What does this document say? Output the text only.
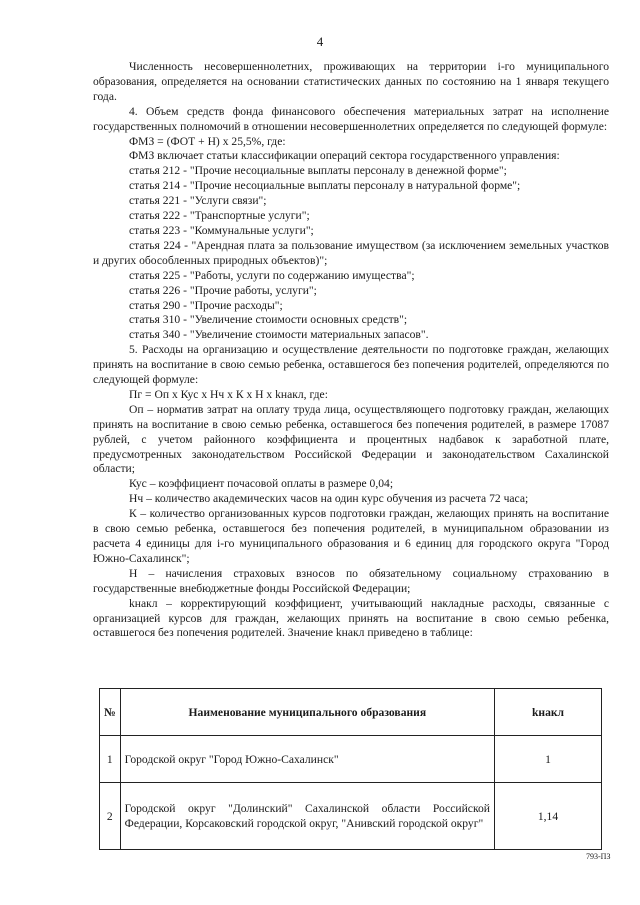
4

Численность несовершеннолетних, проживающих на территории i-го муниципального образования, определяется на основании статистических данных по состоянию на 1 января текущего года.

4. Объем средств фонда финансового обеспечения материальных затрат на исполнение государственных полномочий в отношении несовершеннолетних определяется по следующей формуле:

ФМЗ = (ФОТ + Н) х 25,5%, где:

ФМЗ включает статьи классификации операций сектора государственного управления:

статья 212 - "Прочие несоциальные выплаты персоналу в денежной форме";

статья 214 - "Прочие несоциальные выплаты персоналу в натуральной форме";

статья 221 - "Услуги связи";

статья 222 - "Транспортные услуги";

статья 223 - "Коммунальные услуги";

статья 224 - "Арендная плата за пользование имуществом (за исключением земельных участков и других обособленных природных объектов)";

статья 225 - "Работы, услуги по содержанию имущества";

статья 226 - "Прочие работы, услуги";

статья 290 - "Прочие расходы";

статья 310 - "Увеличение стоимости основных средств";

статья 340 - "Увеличение стоимости материальных запасов".

5. Расходы на организацию и осуществление деятельности по подготовке граждан, желающих принять на воспитание в свою семью ребенка, оставшегося без попечения родителей, определяются по следующей формуле:

Пг = Оп х Кус х Нч х К х Н х kнакл, где:

Оп – норматив затрат на оплату труда лица, осуществляющего подготовку граждан, желающих принять на воспитание в свою семью ребенка, оставшегося без попечения родителей, в размере 17087 рублей, с учетом районного коэффициента и процентных надбавок к заработной плате, предусмотренных законодательством Российской Федерации и законодательством Сахалинской области;

Кус – коэффициент почасовой оплаты в размере 0,04;

Нч – количество академических часов на один курс обучения из расчета 72 часа;

К – количество организованных курсов подготовки граждан, желающих принять на воспитание в свою семью ребенка, оставшегося без попечения родителей, в муниципальном образовании из расчета 4 единицы для i-го муниципального образования и 6 единиц для городского округа "Город Южно-Сахалинск";

Н – начисления страховых взносов по обязательному социальному страхованию в государственные внебюджетные фонды Российской Федерации;

kнакл – корректирующий коэффициент, учитывающий накладные расходы, связанные с организацией курсов для граждан, желающих принять на воспитание в свою семью ребенка, оставшегося без попечения родителей. Значение kнакл приведено в таблице:

№	Наименование муниципального образования	kнакл
1	Городской округ "Город Южно-Сахалинск"	1
2	Городской округ "Долинский" Сахалинской области Российской Федерации, Корсаковский городской округ, "Анивский городской округ"	1,14
793-ПЗ
